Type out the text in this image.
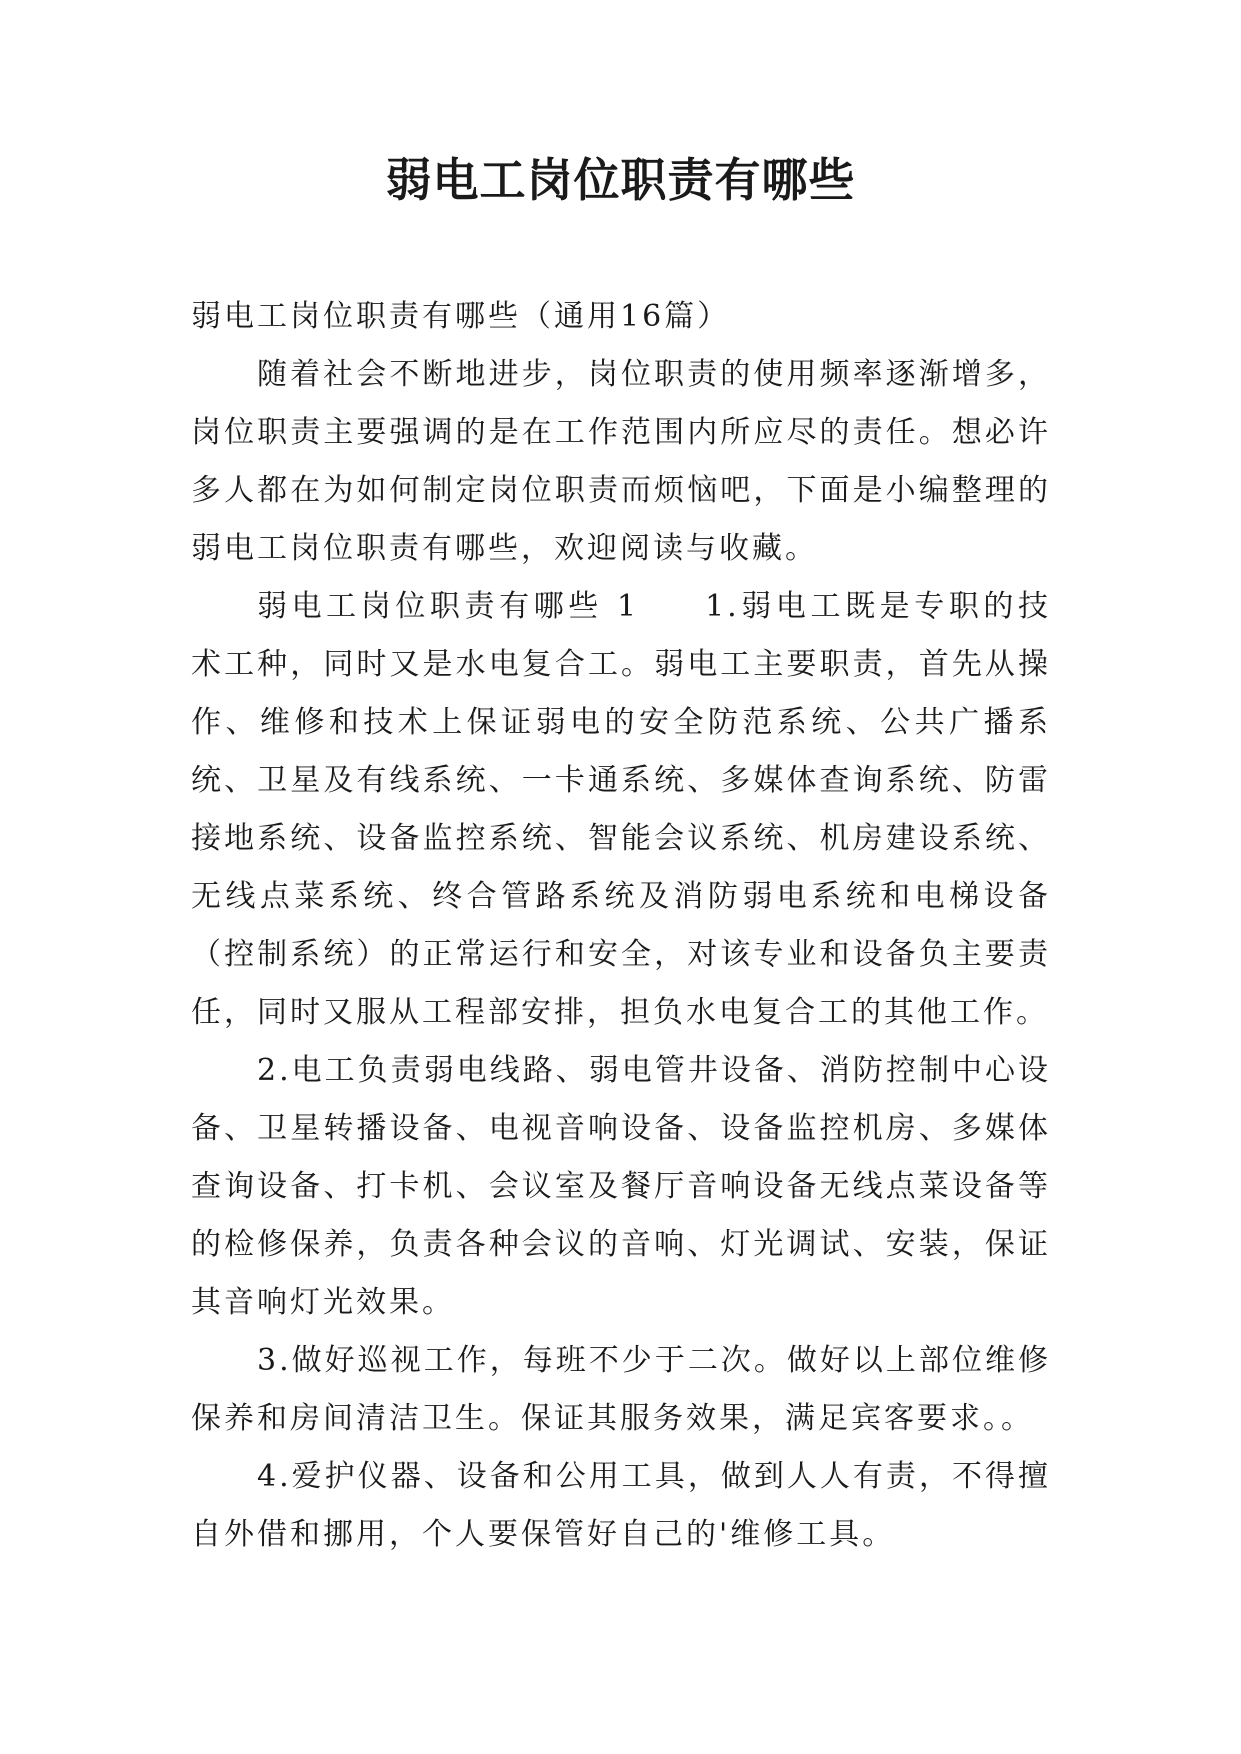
弱电工岗位职责有哪些

弱电工岗位职责有哪些（通用16篇）

随着社会不断地进步，岗位职责的使用频率逐渐增多，岗位职责主要强调的是在工作范围内所应尽的责任。想必许多人都在为如何制定岗位职责而烦恼吧，下面是小编整理的弱电工岗位职责有哪些，欢迎阅读与收藏。

弱电工岗位职责有哪些 1   1.弱电工既是专职的技术工种，同时又是水电复合工。弱电工主要职责，首先从操作、维修和技术上保证弱电的安全防范系统、公共广播系统、卫星及有线系统、一卡通系统、多媒体查询系统、防雷接地系统、设备监控系统、智能会议系统、机房建设系统、无线点菜系统、终合管路系统及消防弱电系统和电梯设备（控制系统）的正常运行和安全，对该专业和设备负主要责任，同时又服从工程部安排，担负水电复合工的其他工作。

2.电工负责弱电线路、弱电管井设备、消防控制中心设备、卫星转播设备、电视音响设备、设备监控机房、多媒体查询设备、打卡机、会议室及餐厅音响设备无线点菜设备等的检修保养，负责各种会议的音响、灯光调试、安装，保证其音响灯光效果。

3.做好巡视工作，每班不少于二次。做好以上部位维修保养和房间清洁卫生。保证其服务效果，满足宾客要求。。

4.爱护仪器、设备和公用工具，做到人人有责，不得擅自外借和挪用，个人要保管好自己的'维修工具。
